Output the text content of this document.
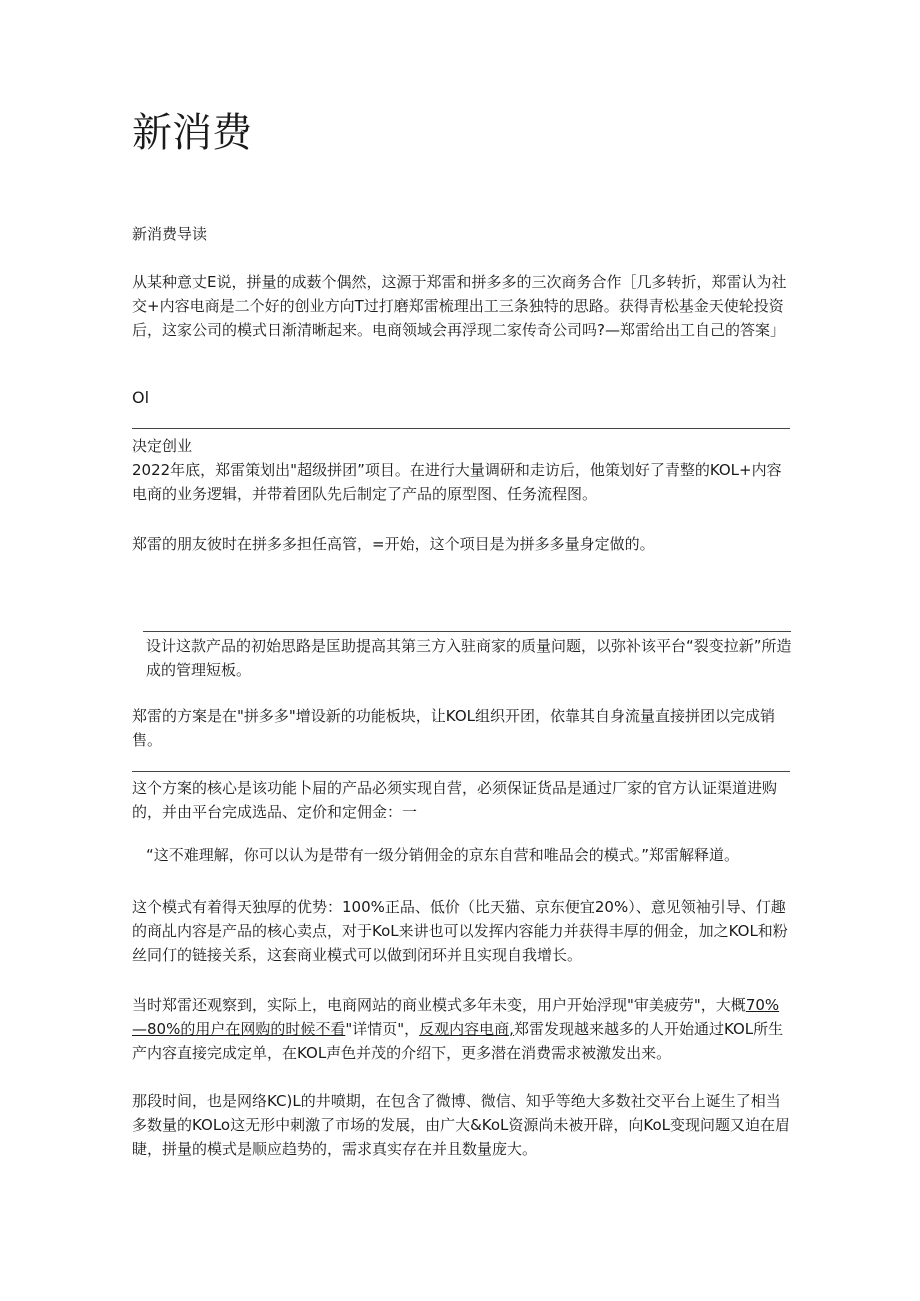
新消费

新消费导读

从某种意丈E说，拼量的成薮个偶然，这源于郑雷和拼多多的三次商务合作［几多转折，郑雷认为社交+内容电商是二个好的创业方向T过打磨郑雷梳理出工三条独特的思路。获得青松基金天使轮投资后，这家公司的模式日渐清晰起来。电商领域会再浮现二家传奇公司吗?—郑雷给出工自己的答案」

Ol

决定创业

2022年底，郑雷策划出"超级拼团”项目。在进行大量调研和走访后，他策划好了青整的KOL+内容电商的业务逻辑，并带着团队先后制定了产品的原型图、任务流程图。

郑雷的朋友彼时在拼多多担任高管，=开始，这个项目是为拼多多量身定做的。

设计这款产品的初始思路是匡助提高其第三方入驻商家的质量问题，以弥补该平台“裂变拉新”所造成的管理短板。

郑雷的方案是在"拼多多"增设新的功能板块，让KOL组织开团，依靠其自身流量直接拼团以完成销售。

这个方案的核心是该功能卜屇的产品必须实现自营，必须保证货品是通过厂家的官方认证渠道进购的，并由平台完成选品、定价和定佣金：一

“这不难理解，你可以认为是带有一级分销佣金的京东自营和唯品会的模式。”郑雷解释道。

这个模式有着得天独厚的优势：100%正品、低价（比天猫、京东便宜20%）、意见领袖引导、仃趣的商乩内容是产品的核心卖点，对于KoL来讲也可以发挥内容能力并获得丰厚的佣金，加之KOL和粉丝同仃的链接关系，这套商业模式可以做到闭环并且实现自我增长。

当时郑雷还观察到，实际上，电商网站的商业模式多年未变，用户开始浮现"审美疲劳"，大概70%—80%的用户在网购的时候不看"详情页"，反观内容电商,郑雷发现越来越多的人开始通过KOL所生产内容直接完成定单，在KOL声色并茂的介绍下，更多潜在消费需求被激发出来。

那段时间，也是网络KC)L的井喷期，在包含了微博、微信、知乎等绝大多数社交平台上诞生了相当多数量的KOLo这无形中刺激了市场的发展，由广大&KoL资源尚未被开辟，向KoL变现问题又迫在眉睫，拼量的模式是顺应趋势的，需求真实存在并且数量庞大。
